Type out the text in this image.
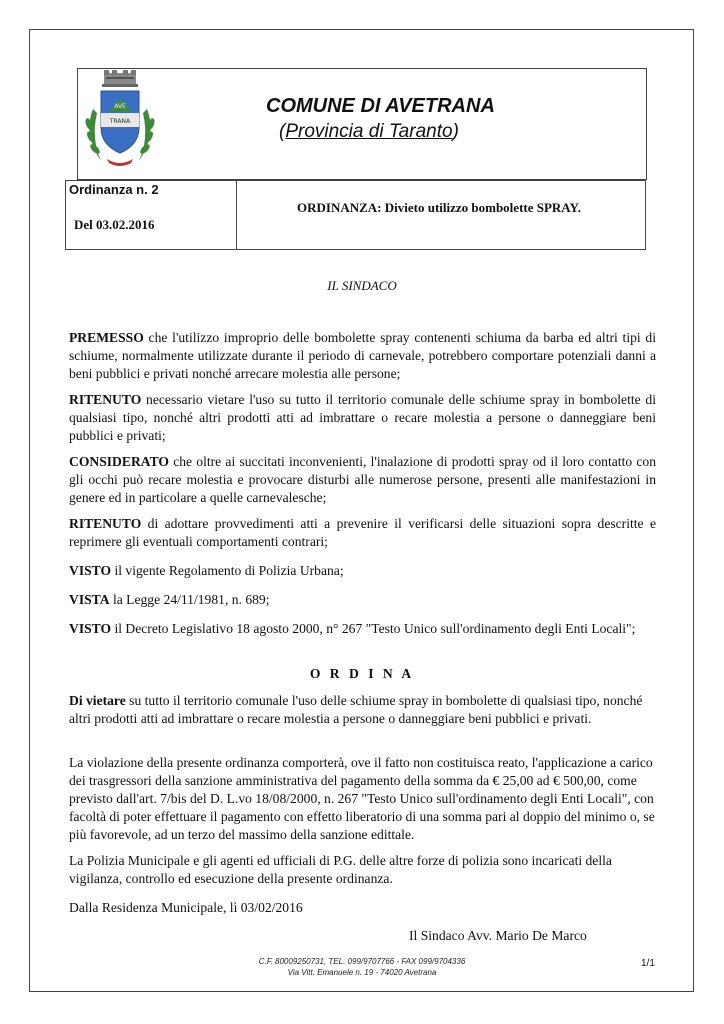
AVE
TRANA
COMUNE DI AVETRANA
(Provincia di Taranto)
Ordinanza n. 2
Del 03.02.2016
ORDINANZA: Divieto utilizzo bombolette SPRAY.
IL SINDACO

PREMESSO che l'utilizzo improprio delle bombolette spray contenenti schiuma da barba ed altri tipi di schiume, normalmente utilizzate durante il periodo di carnevale, potrebbero comportare potenziali danni a beni pubblici e privati nonché arrecare molestia alle persone;

RITENUTO necessario vietare l'uso su tutto il territorio comunale delle schiume spray in bombolette di qualsiasi tipo, nonché altri prodotti atti ad imbrattare o recare molestia a persone o danneggiare beni pubblici e privati;

CONSIDERATO che oltre ai succitati inconvenienti, l'inalazione di prodotti spray od il loro contatto con gli occhi può recare molestia e provocare disturbi alle numerose persone, presenti alle manifestazioni in genere ed in particolare a quelle carnevalesche;

RITENUTO di adottare provvedimenti atti a prevenire il verificarsi delle situazioni sopra descritte e reprimere gli eventuali comportamenti contrari;

VISTO il vigente Regolamento di Polizia Urbana;

VISTA la Legge 24/11/1981, n. 689;

VISTO il Decreto Legislativo 18 agosto 2000, n° 267 "Testo Unico sull'ordinamento degli Enti Locali";

O R D I N A

Di vietare su tutto il territorio comunale l'uso delle schiume spray in bombolette di qualsiasi tipo, nonché altri prodotti atti ad imbrattare o recare molestia a persone o danneggiare beni pubblici e privati.

La violazione della presente ordinanza comporterà, ove il fatto non costituisca reato, l'applicazione a carico dei trasgressori della sanzione amministrativa del pagamento della somma da € 25,00 ad € 500,00, come previsto dall'art. 7/bis del D. L.vo 18/08/2000, n. 267 "Testo Unico sull'ordinamento degli Enti Locali", con facoltà di poter effettuare il pagamento con effetto liberatorio di una somma pari al doppio del minimo o, se più favorevole, ad un terzo del massimo della sanzione edittale.

La Polizia Municipale e gli agenti ed ufficiali di P.G. delle altre forze di polizia sono incaricati della vigilanza, controllo ed esecuzione della presente ordinanza.

Dalla Residenza Municipale, lì 03/02/2016

Il Sindaco Avv. Mario De Marco
C.F. 80009250731, TEL. 099/9707766 - FAX 099/9704336
Via Vitt. Emanuele n. 19 - 74020 Avetrana
1/1
